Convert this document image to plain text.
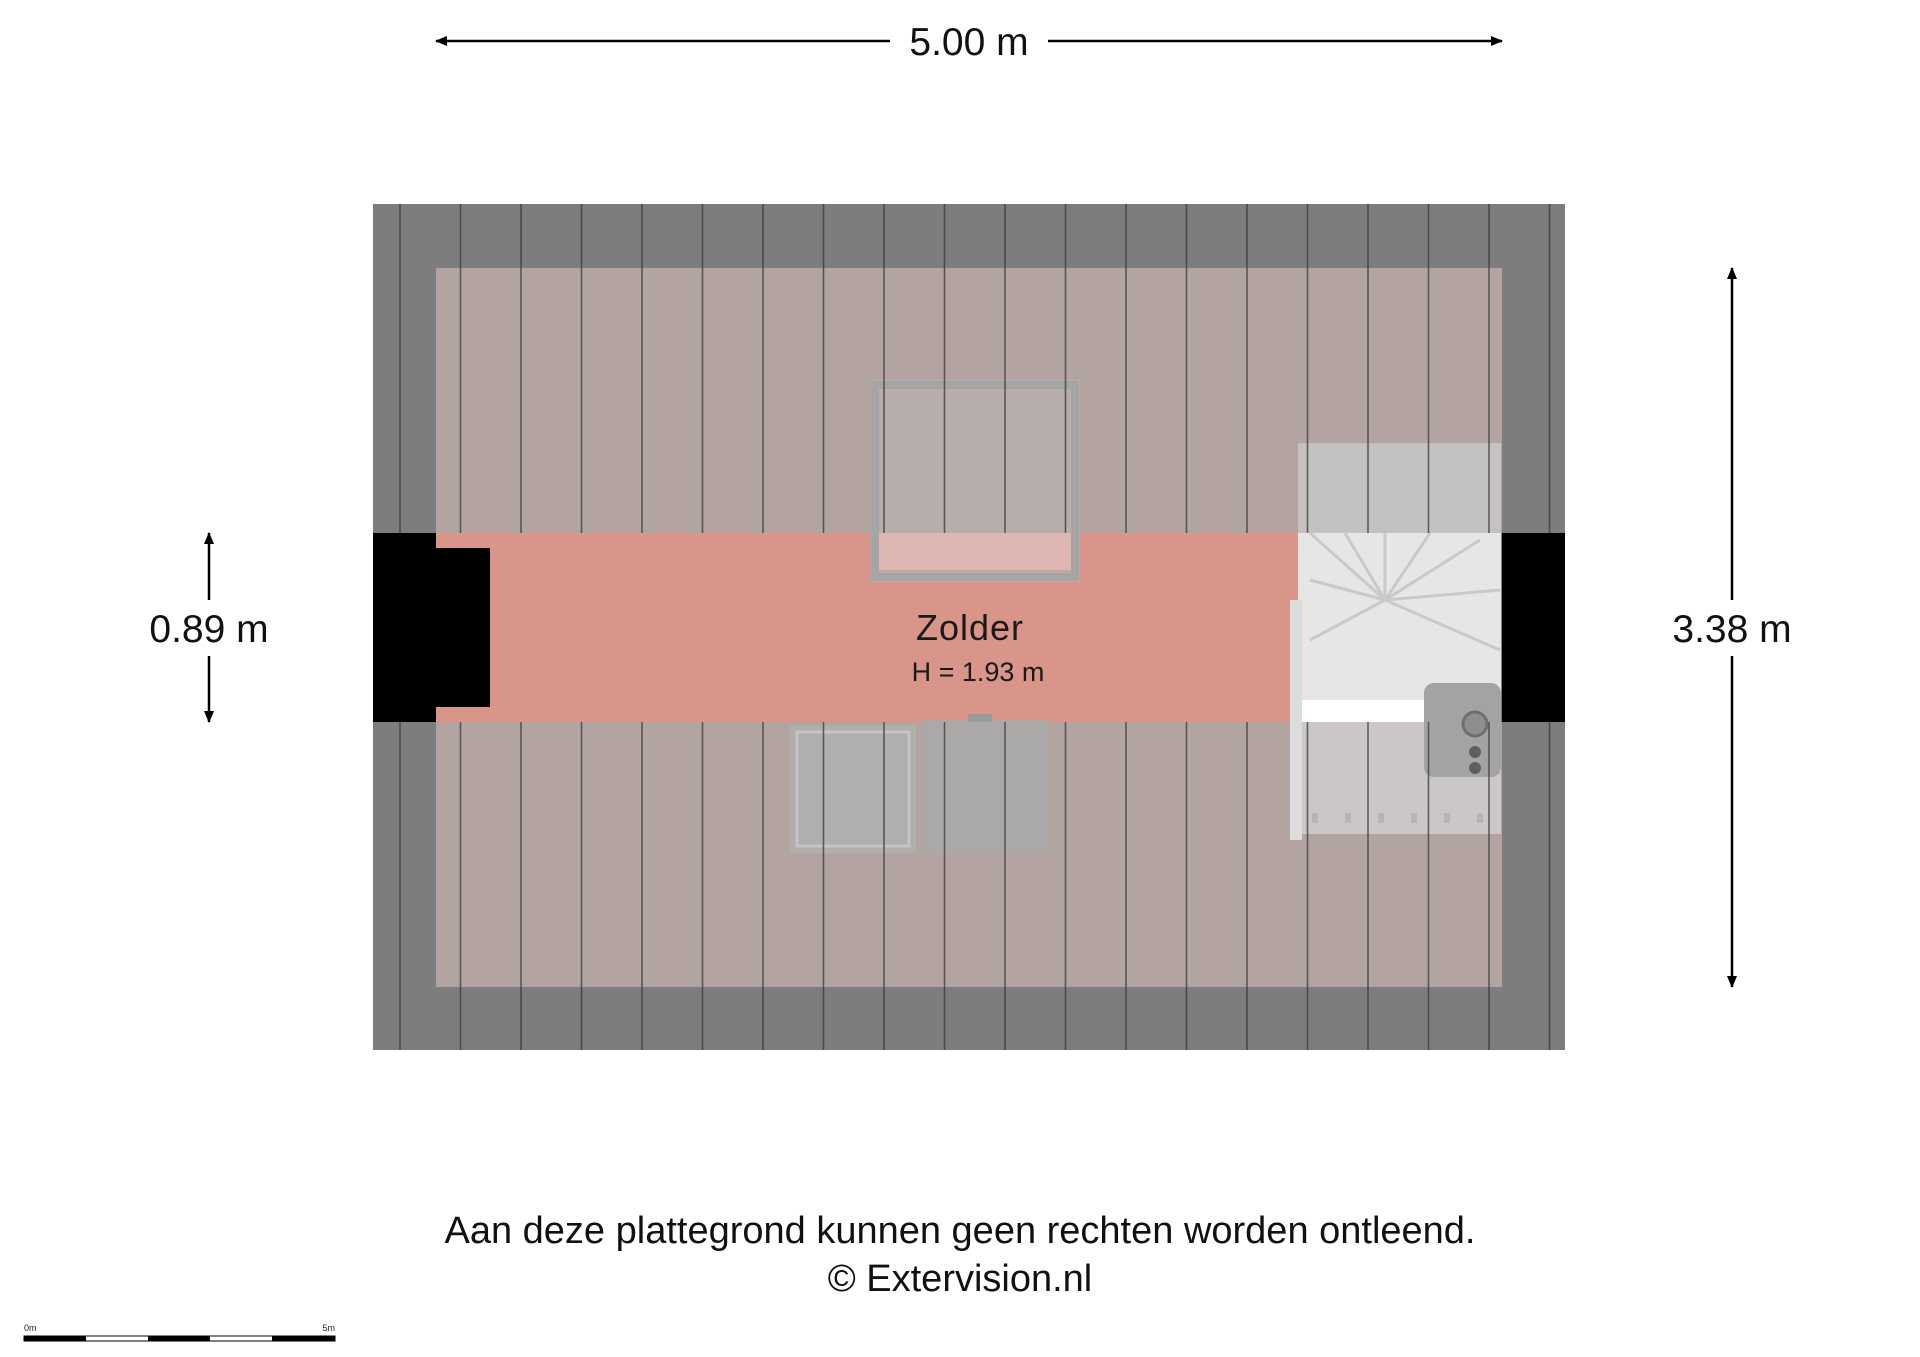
Zolder
H = 1.93 m
5.00 m
3.38 m
0.89 m
0m	5m
Aan deze plattegrond kunnen geen rechten worden ontleend.
© Extervision.nl
